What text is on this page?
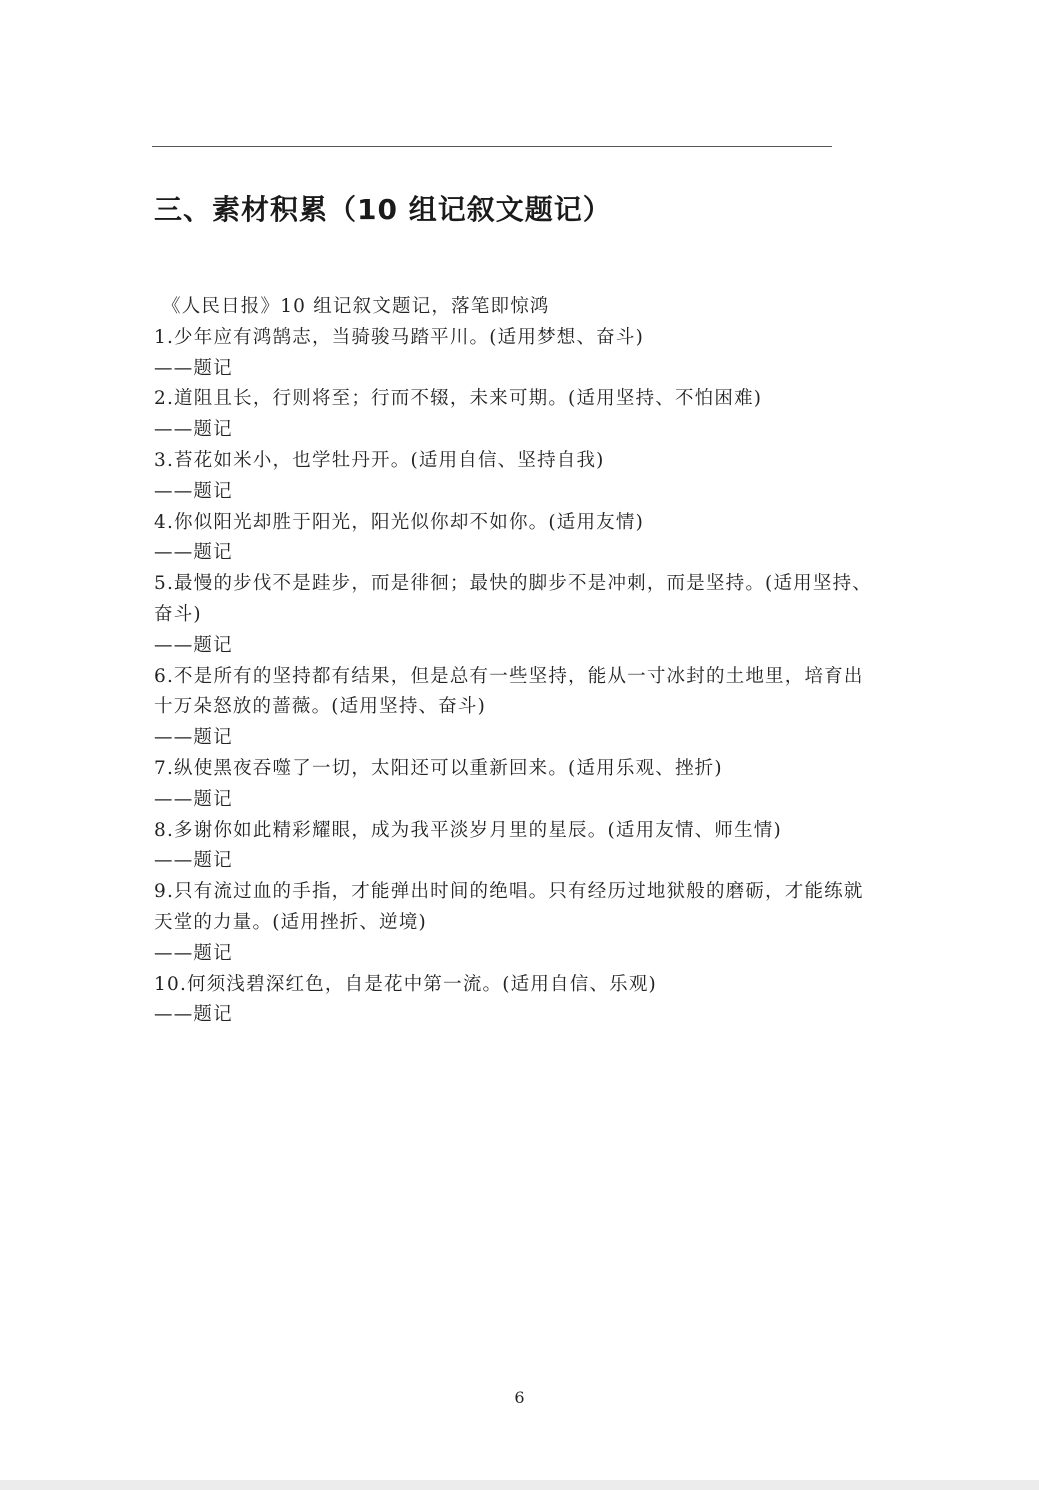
三、素材积累（10 组记叙文题记）
《人民日报》10 组记叙文题记，落笔即惊鸿

1.少年应有鸿鹄志，当骑骏马踏平川。(适用梦想、奋斗)

——题记

2.道阻且长，行则将至；行而不辍，未来可期。(适用坚持、不怕困难)

——题记

3.苔花如米小，也学牡丹开。(适用自信、坚持自我)

——题记

4.你似阳光却胜于阳光，阳光似你却不如你。(适用友情)

——题记

5.最慢的步伐不是跬步，而是徘徊；最快的脚步不是冲刺，而是坚持。(适用坚持、奋斗)

——题记

6.不是所有的坚持都有结果，但是总有一些坚持，能从一寸冰封的土地里，培育出十万朵怒放的蔷薇。(适用坚持、奋斗)

——题记

7.纵使黑夜吞噬了一切，太阳还可以重新回来。(适用乐观、挫折)

——题记

8.多谢你如此精彩耀眼，成为我平淡岁月里的星辰。(适用友情、师生情)

——题记

9.只有流过血的手指，才能弹出时间的绝唱。只有经历过地狱般的磨砺，才能练就天堂的力量。(适用挫折、逆境)

——题记

10.何须浅碧深红色，自是花中第一流。(适用自信、乐观)

——题记

6
